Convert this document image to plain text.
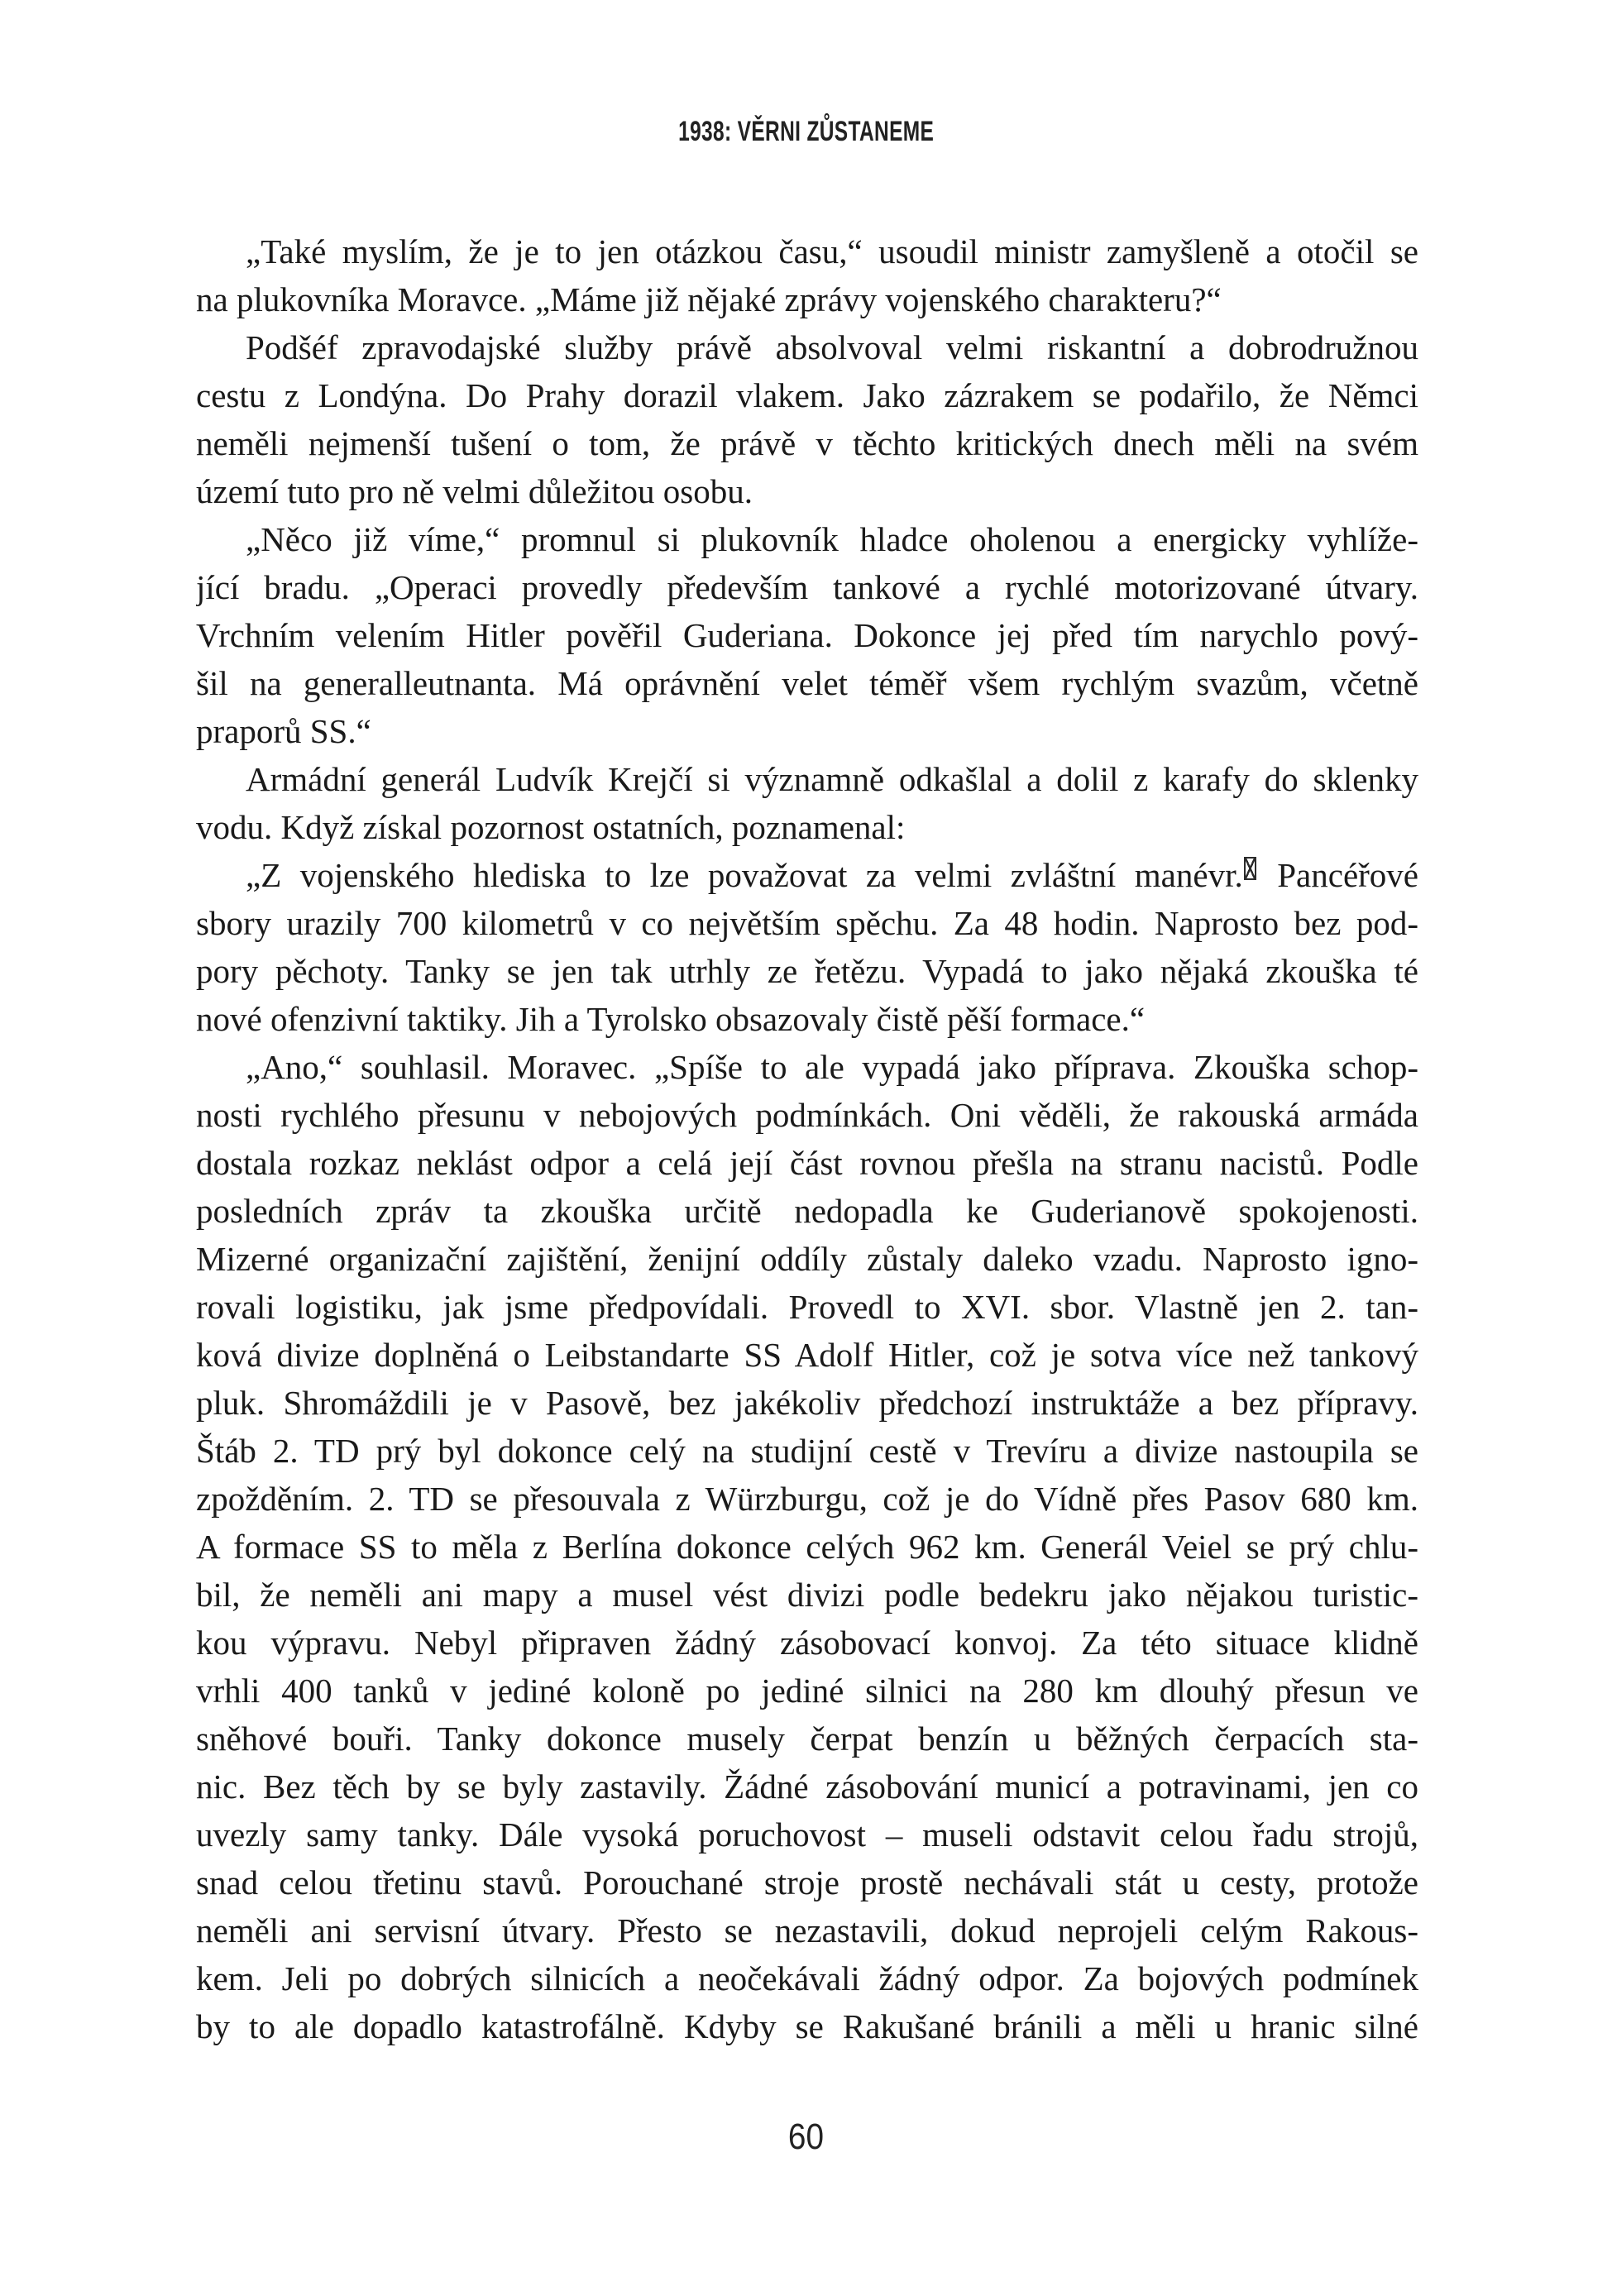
1938: VĚRNI ZŮSTANEME
„Také myslím, že je to jen otázkou času,“ usoudil ministr zamyšleně a otočil se
na plukovníka Moravce. „Máme již nějaké zprávy vojenského charakteru?“
Podšéf zpravodajské služby právě absolvoval velmi riskantní a dobrodružnou
cestu z Londýna. Do Prahy dorazil vlakem. Jako zázrakem se podařilo, že Němci
neměli nejmenší tušení o tom, že právě v těchto kritických dnech měli na svém
území tuto pro ně velmi důležitou osobu.
„Něco již víme,“ promnul si plukovník hladce oholenou a energicky vyhlíže-
jící bradu. „Operaci provedly především tankové a rychlé motorizované útvary.
Vrchním velením Hitler pověřil Guderiana. Dokonce jej před tím narychlo pový-
šil na generalleutnanta. Má oprávnění velet téměř všem rychlým svazům, včetně
praporů SS.“
Armádní generál Ludvík Krejčí si významně odkašlal a dolil z karafy do sklenky
vodu. Když získal pozornost ostatních, poznamenal:
„Z vojenského hlediska to lze považovat za velmi zvláštní manévr. Pancéřové
sbory urazily 700 kilometrů v co největším spěchu. Za 48 hodin. Naprosto bez pod-
pory pěchoty. Tanky se jen tak utrhly ze řetězu. Vypadá to jako nějaká zkouška té
nové ofenzivní taktiky. Jih a Tyrolsko obsazovaly čistě pěší formace.“
„Ano,“ souhlasil. Moravec. „Spíše to ale vypadá jako příprava. Zkouška schop-
nosti rychlého přesunu v nebojových podmínkách. Oni věděli, že rakouská armáda
dostala rozkaz neklást odpor a celá její část rovnou přešla na stranu nacistů. Podle
posledních zpráv ta zkouška určitě nedopadla ke Guderianově spokojenosti.
Mizerné organizační zajištění, ženijní oddíly zůstaly daleko vzadu. Naprosto igno-
rovali logistiku, jak jsme předpovídali. Provedl to XVI. sbor. Vlastně jen 2. tan-
ková divize doplněná o Leibstandarte SS Adolf Hitler, což je sotva více než tankový
pluk. Shromáždili je v Pasově, bez jakékoliv předchozí instruktáže a bez přípravy.
Štáb 2. TD prý byl dokonce celý na studijní cestě v Trevíru a divize nastoupila se
zpožděním. 2. TD se přesouvala z Würzburgu, což je do Vídně přes Pasov 680 km.
A formace SS to měla z Berlína dokonce celých 962 km. Generál Veiel se prý chlu-
bil, že neměli ani mapy a musel vést divizi podle bedekru jako nějakou turistic-
kou výpravu. Nebyl připraven žádný zásobovací konvoj. Za této situace klidně
vrhli 400 tanků v jediné koloně po jediné silnici na 280 km dlouhý přesun ve
sněhové bouři. Tanky dokonce musely čerpat benzín u běžných čerpacích sta-
nic. Bez těch by se byly zastavily. Žádné zásobování municí a potravinami, jen co
uvezly samy tanky. Dále vysoká poruchovost – museli odstavit celou řadu strojů,
snad celou třetinu stavů. Porouchané stroje prostě nechávali stát u cesty, protože
neměli ani servisní útvary. Přesto se nezastavili, dokud neprojeli celým Rakous-
kem. Jeli po dobrých silnicích a neočekávali žádný odpor. Za bojových podmínek
by to ale dopadlo katastrofálně. Kdyby se Rakušané bránili a měli u hranic silné
60
